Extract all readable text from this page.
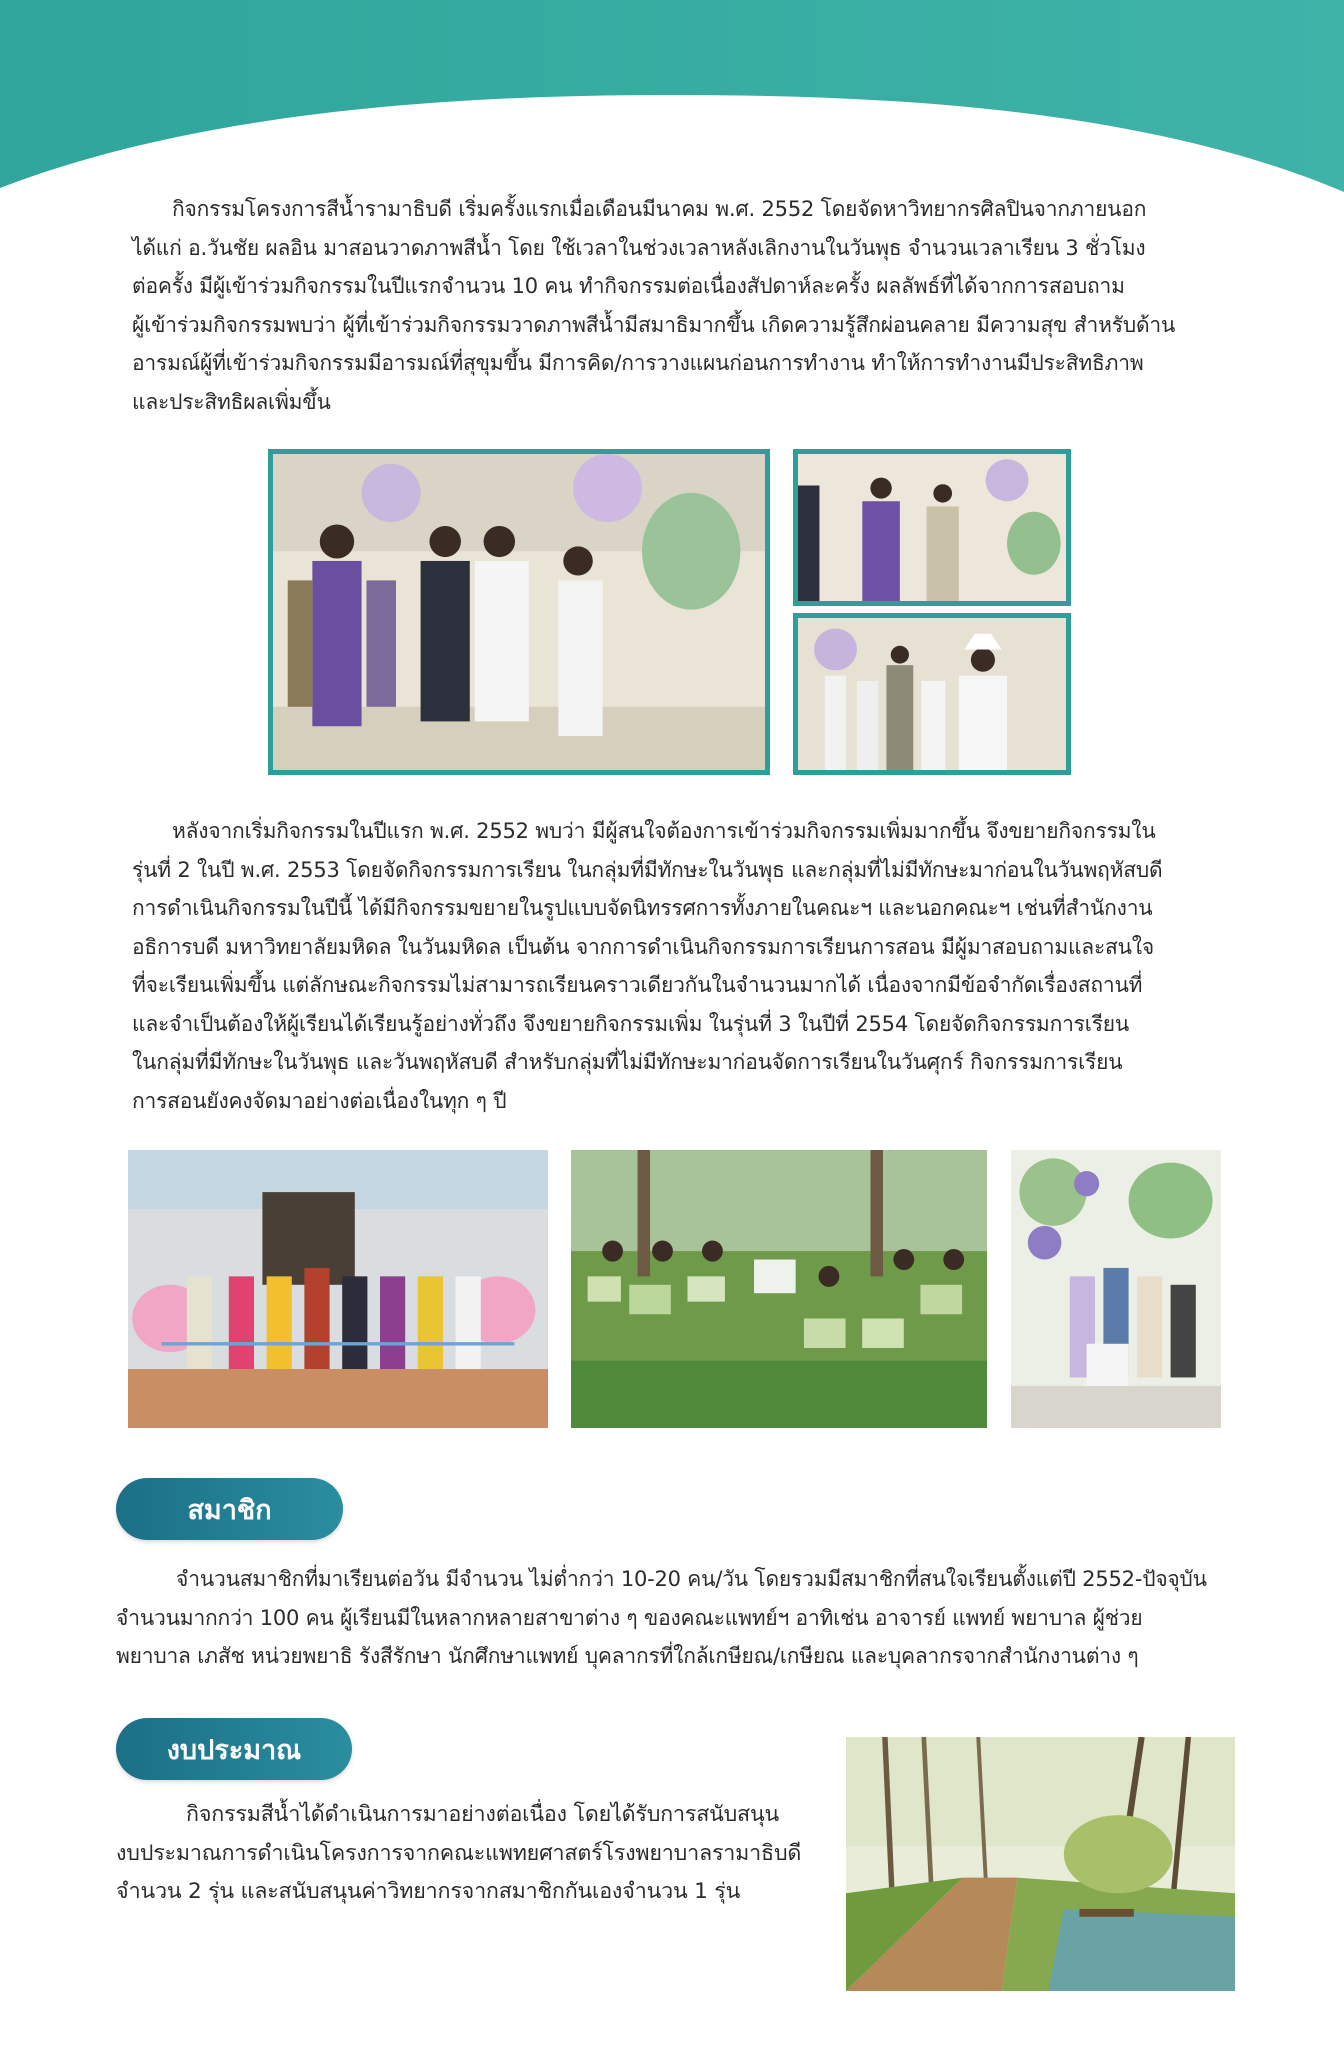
กิจกรรมโครงการสีน้ำรามาธิบดี เริ่มครั้งแรกเมื่อเดือนมีนาคม พ.ศ. 2552 โดยจัดหาวิทยากรศิลปินจากภายนอก
ได้แก่ อ.วันชัย ผลอิน มาสอนวาดภาพสีน้ำ โดย ใช้เวลาในช่วงเวลาหลังเลิกงานในวันพุธ จำนวนเวลาเรียน 3 ชั่วโมง
ต่อครั้ง มีผู้เข้าร่วมกิจกรรมในปีแรกจำนวน 10 คน ทำกิจกรรมต่อเนื่องสัปดาห์ละครั้ง ผลลัพธ์ที่ได้จากการสอบถาม
ผู้เข้าร่วมกิจกรรมพบว่า ผู้ที่เข้าร่วมกิจกรรมวาดภาพสีน้ำมีสมาธิมากขึ้น เกิดความรู้สึกผ่อนคลาย มีความสุข สำหรับด้าน
อารมณ์ผู้ที่เข้าร่วมกิจกรรมมีอารมณ์ที่สุขุมขึ้น มีการคิด/การวางแผนก่อนการทำงาน ทำให้การทำงานมีประสิทธิภาพ
และประสิทธิผลเพิ่มขึ้น
หลังจากเริ่มกิจกรรมในปีแรก พ.ศ. 2552 พบว่า มีผู้สนใจต้องการเข้าร่วมกิจกรรมเพิ่มมากขึ้น จึงขยายกิจกรรมใน
รุ่นที่ 2 ในปี พ.ศ. 2553 โดยจัดกิจกรรมการเรียน ในกลุ่มที่มีทักษะในวันพุธ และกลุ่มที่ไม่มีทักษะมาก่อนในวันพฤหัสบดี
การดำเนินกิจกรรมในปีนี้ ได้มีกิจกรรมขยายในรูปแบบจัดนิทรรศการทั้งภายในคณะฯ และนอกคณะฯ เช่นที่สำนักงาน
อธิการบดี มหาวิทยาลัยมหิดล ในวันมหิดล เป็นต้น จากการดำเนินกิจกรรมการเรียนการสอน มีผู้มาสอบถามและสนใจ
ที่จะเรียนเพิ่มขึ้น แต่ลักษณะกิจกรรมไม่สามารถเรียนคราวเดียวกันในจำนวนมากได้ เนื่องจากมีข้อจำกัดเรื่องสถานที่
และจำเป็นต้องให้ผู้เรียนได้เรียนรู้อย่างทั่วถึง จึงขยายกิจกรรมเพิ่ม ในรุ่นที่ 3 ในปีที่ 2554 โดยจัดกิจกรรมการเรียน
ในกลุ่มที่มีทักษะในวันพุธ และวันพฤหัสบดี สำหรับกลุ่มที่ไม่มีทักษะมาก่อนจัดการเรียนในวันศุกร์ กิจกรรมการเรียน
การสอนยังคงจัดมาอย่างต่อเนื่องในทุก ๆ ปี
สมาชิก
จำนวนสมาชิกที่มาเรียนต่อวัน มีจำนวน ไม่ต่ำกว่า 10-20 คน/วัน โดยรวมมีสมาชิกที่สนใจเรียนตั้งแต่ปี 2552-ปัจจุบัน
จำนวนมากกว่า 100 คน ผู้เรียนมีในหลากหลายสาขาต่าง ๆ ของคณะแพทย์ฯ อาทิเช่น อาจารย์ แพทย์ พยาบาล ผู้ช่วย
พยาบาล เภสัช หน่วยพยาธิ รังสีรักษา นักศึกษาแพทย์ บุคลากรที่ใกล้เกษียณ/เกษียณ และบุคลากรจากสำนักงานต่าง ๆ
งบประมาณ
กิจกรรมสีน้ำได้ดำเนินการมาอย่างต่อเนื่อง โดยได้รับการสนับสนุน
งบประมาณการดำเนินโครงการจากคณะแพทยศาสตร์โรงพยาบาลรามาธิบดี
จำนวน 2 รุ่น และสนับสนุนค่าวิทยากรจากสมาชิกกันเองจำนวน 1 รุ่น
